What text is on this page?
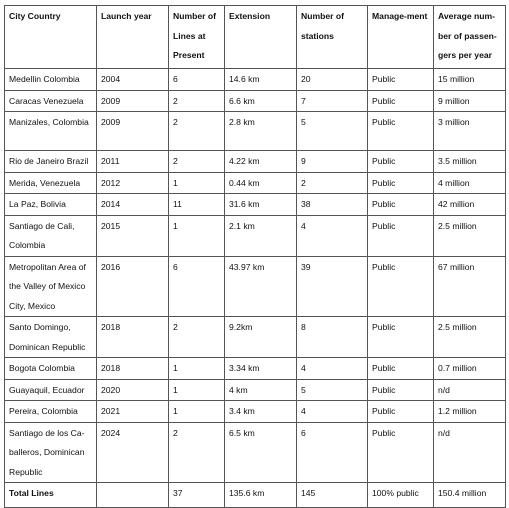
City Country	Launch year	Number of Lines at Present	Extension	Number of stations	Manage-ment	Average num-ber of passen-gers per year
Medellin Colombia	2004	6	14.6 km	20	Public	15 million
Caracas Venezuela	2009	2	6.6 km	7	Public	9 million
Manizales, Colombia	2009	2	2.8 km	5	Public	3 million
Rio de Janeiro Brazil	2011	2	4.22 km	9	Public	3.5 million
Merida, Venezuela	2012	1	0.44 km	2	Public	4 million
La Paz, Bolivia	2014	11	31.6 km	38	Public	42 million
Santiago de Cali, Colombia	2015	1	2.1 km	4	Public	2.5 million
Metropolitan Area of the Valley of Mexico City, Mexico	2016	6	43.97 km	39	Public	67 million
Santo Domingo, Dominican Republic	2018	2	9.2km	8	Public	2.5 million
Bogota Colombia	2018	1	3.34 km	4	Public	0.7 million
Guayaquil, Ecuador	2020	1	4 km	5	Public	n/d
Pereira, Colombia	2021	1	3.4 km	4	Public	1.2 million
Santiago de los Ca-balleros, Dominican Republic	2024	2	6.5 km	6	Public	n/d
Total Lines		37	135.6 km	145	100% public	150.4 million
